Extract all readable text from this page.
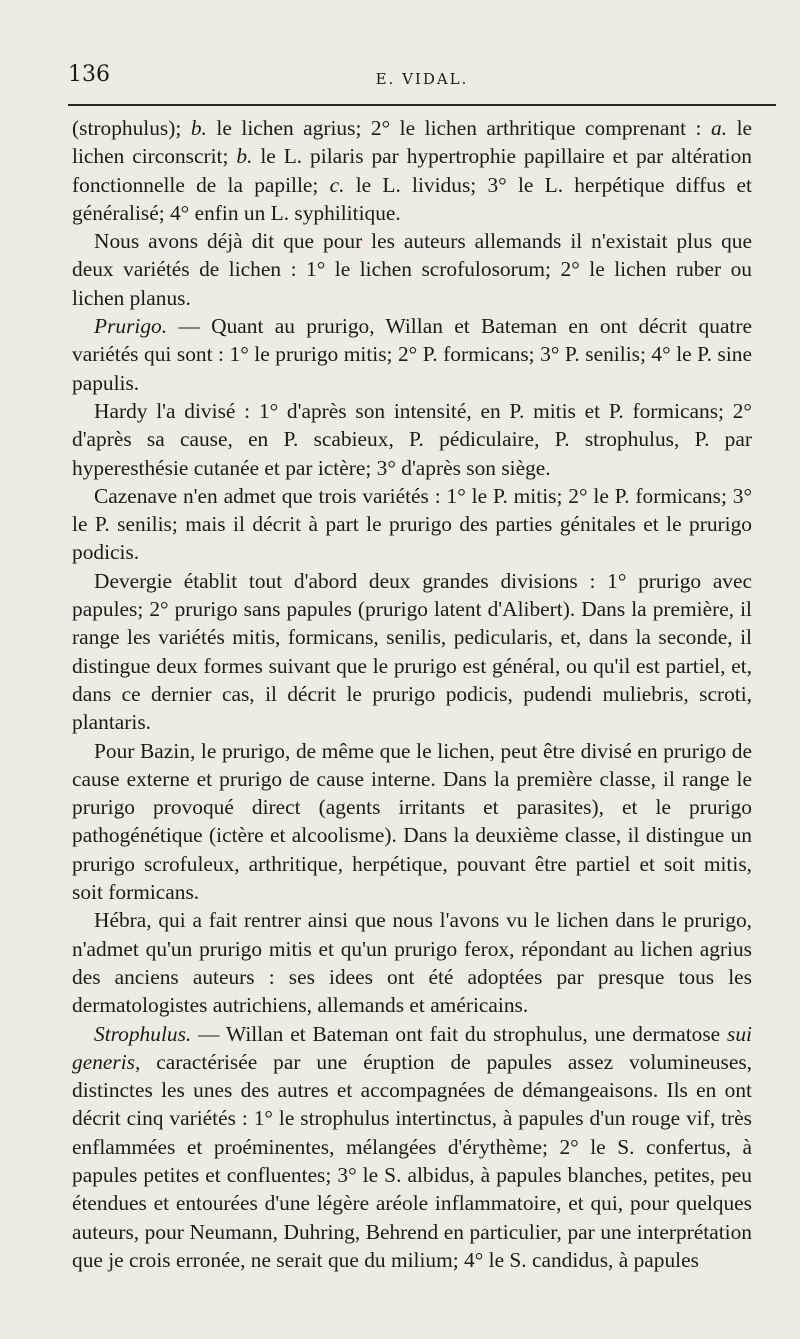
136	E. VIDAL.

(strophulus); b. le lichen agrius; 2° le lichen arthritique comprenant : a. le lichen circonscrit; b. le L. pilaris par hypertrophie papillaire et par altération fonctionnelle de la papille; c. le L. lividus; 3° le L. herpétique diffus et généralisé; 4° enfin un L. syphilitique.

Nous avons déjà dit que pour les auteurs allemands il n'existait plus que deux variétés de lichen : 1° le lichen scrofulosorum; 2° le lichen ruber ou lichen planus.

Prurigo. — Quant au prurigo, Willan et Bateman en ont décrit quatre variétés qui sont : 1° le prurigo mitis; 2° P. formicans; 3° P. senilis; 4° le P. sine papulis.

Hardy l'a divisé : 1° d'après son intensité, en P. mitis et P. formicans; 2° d'après sa cause, en P. scabieux, P. pédiculaire, P. strophulus, P. par hyperesthésie cutanée et par ictère; 3° d'après son siège.

Cazenave n'en admet que trois variétés : 1° le P. mitis; 2° le P. formicans; 3° le P. senilis; mais il décrit à part le prurigo des parties génitales et le prurigo podicis.

Devergie établit tout d'abord deux grandes divisions : 1° prurigo avec papules; 2° prurigo sans papules (prurigo latent d'Alibert). Dans la première, il range les variétés mitis, formicans, senilis, pedicularis, et, dans la seconde, il distingue deux formes suivant que le prurigo est général, ou qu'il est partiel, et, dans ce dernier cas, il décrit le prurigo podicis, pudendi muliebris, scroti, plantaris.

Pour Bazin, le prurigo, de même que le lichen, peut être divisé en prurigo de cause externe et prurigo de cause interne. Dans la première classe, il range le prurigo provoqué direct (agents irritants et parasites), et le prurigo pathogénétique (ictère et alcoolisme). Dans la deuxième classe, il distingue un prurigo scrofuleux, arthritique, herpétique, pouvant être partiel et soit mitis, soit formicans.

Hébra, qui a fait rentrer ainsi que nous l'avons vu le lichen dans le prurigo, n'admet qu'un prurigo mitis et qu'un prurigo ferox, répondant au lichen agrius des anciens auteurs : ses idees ont été adoptées par presque tous les dermatologistes autrichiens, allemands et américains.

Strophulus. — Willan et Bateman ont fait du strophulus, une dermatose sui generis, caractérisée par une éruption de papules assez volumineuses, distinctes les unes des autres et accompagnées de démangeaisons. Ils en ont décrit cinq variétés : 1° le strophulus intertinctus, à papules d'un rouge vif, très enflammées et proéminentes, mélangées d'érythème; 2° le S. confertus, à papules petites et confluentes; 3° le S. albidus, à papules blanches, petites, peu étendues et entourées d'une légère aréole inflammatoire, et qui, pour quelques auteurs, pour Neumann, Duhring, Behrend en particulier, par une interprétation que je crois erronée, ne serait que du milium; 4° le S. candidus, à papules
